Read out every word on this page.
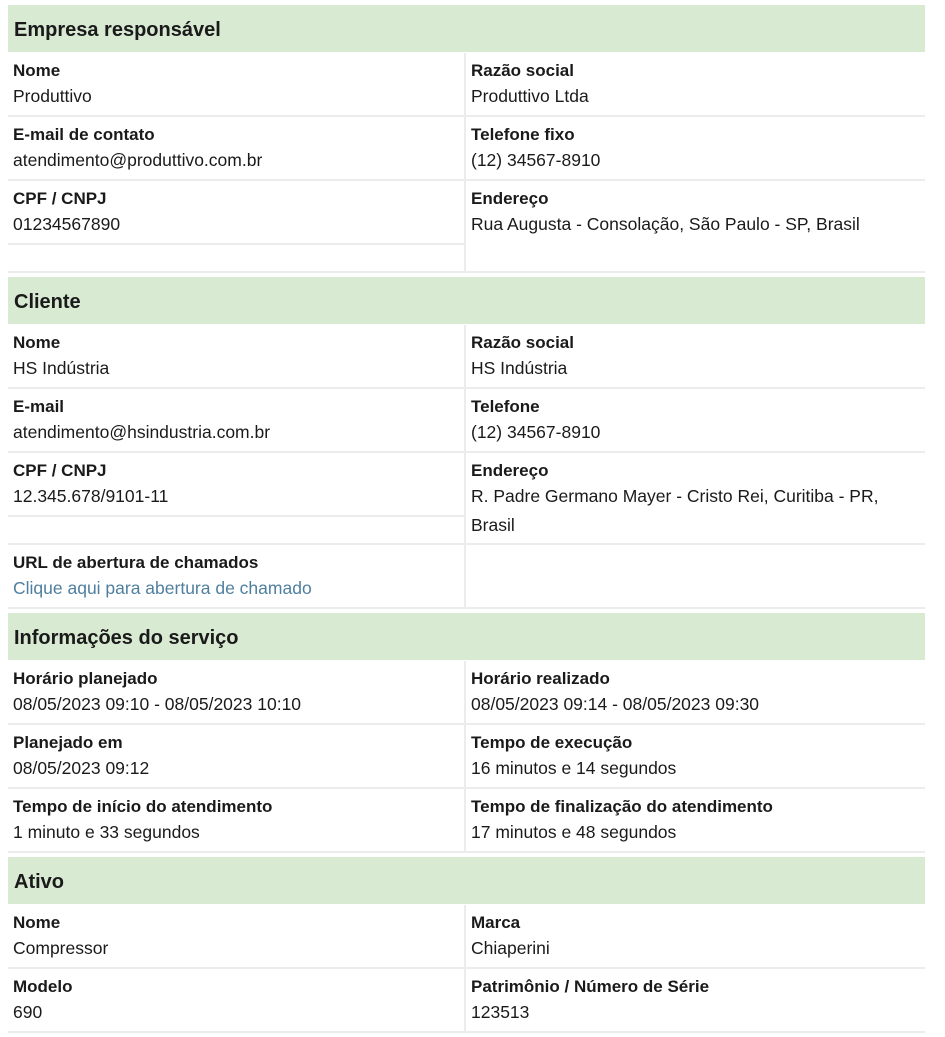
Empresa responsável
Nome
Produttivo
Razão social
Produttivo Ltda
E-mail de contato
atendimento@produttivo.com.br
Telefone fixo
(12) 34567-8910
CPF / CNPJ
01234567890
Endereço
Rua Augusta - Consolação, São Paulo - SP, Brasil
Cliente
Nome
HS Indústria
Razão social
HS Indústria
E-mail
atendimento@hsindustria.com.br
Telefone
(12) 34567-8910
CPF / CNPJ
12.345.678/9101-11
Endereço
R. Padre Germano Mayer - Cristo Rei, Curitiba - PR, Brasil
URL de abertura de chamados
Clique aqui para abertura de chamado
Informações do serviço
Horário planejado
08/05/2023 09:10 - 08/05/2023 10:10
Horário realizado
08/05/2023 09:14 - 08/05/2023 09:30
Planejado em
08/05/2023 09:12
Tempo de execução
16 minutos e 14 segundos
Tempo de início do atendimento
1 minuto e 33 segundos
Tempo de finalização do atendimento
17 minutos e 48 segundos
Ativo
Nome
Compressor
Marca
Chiaperini
Modelo
690
Patrimônio / Número de Série
123513
